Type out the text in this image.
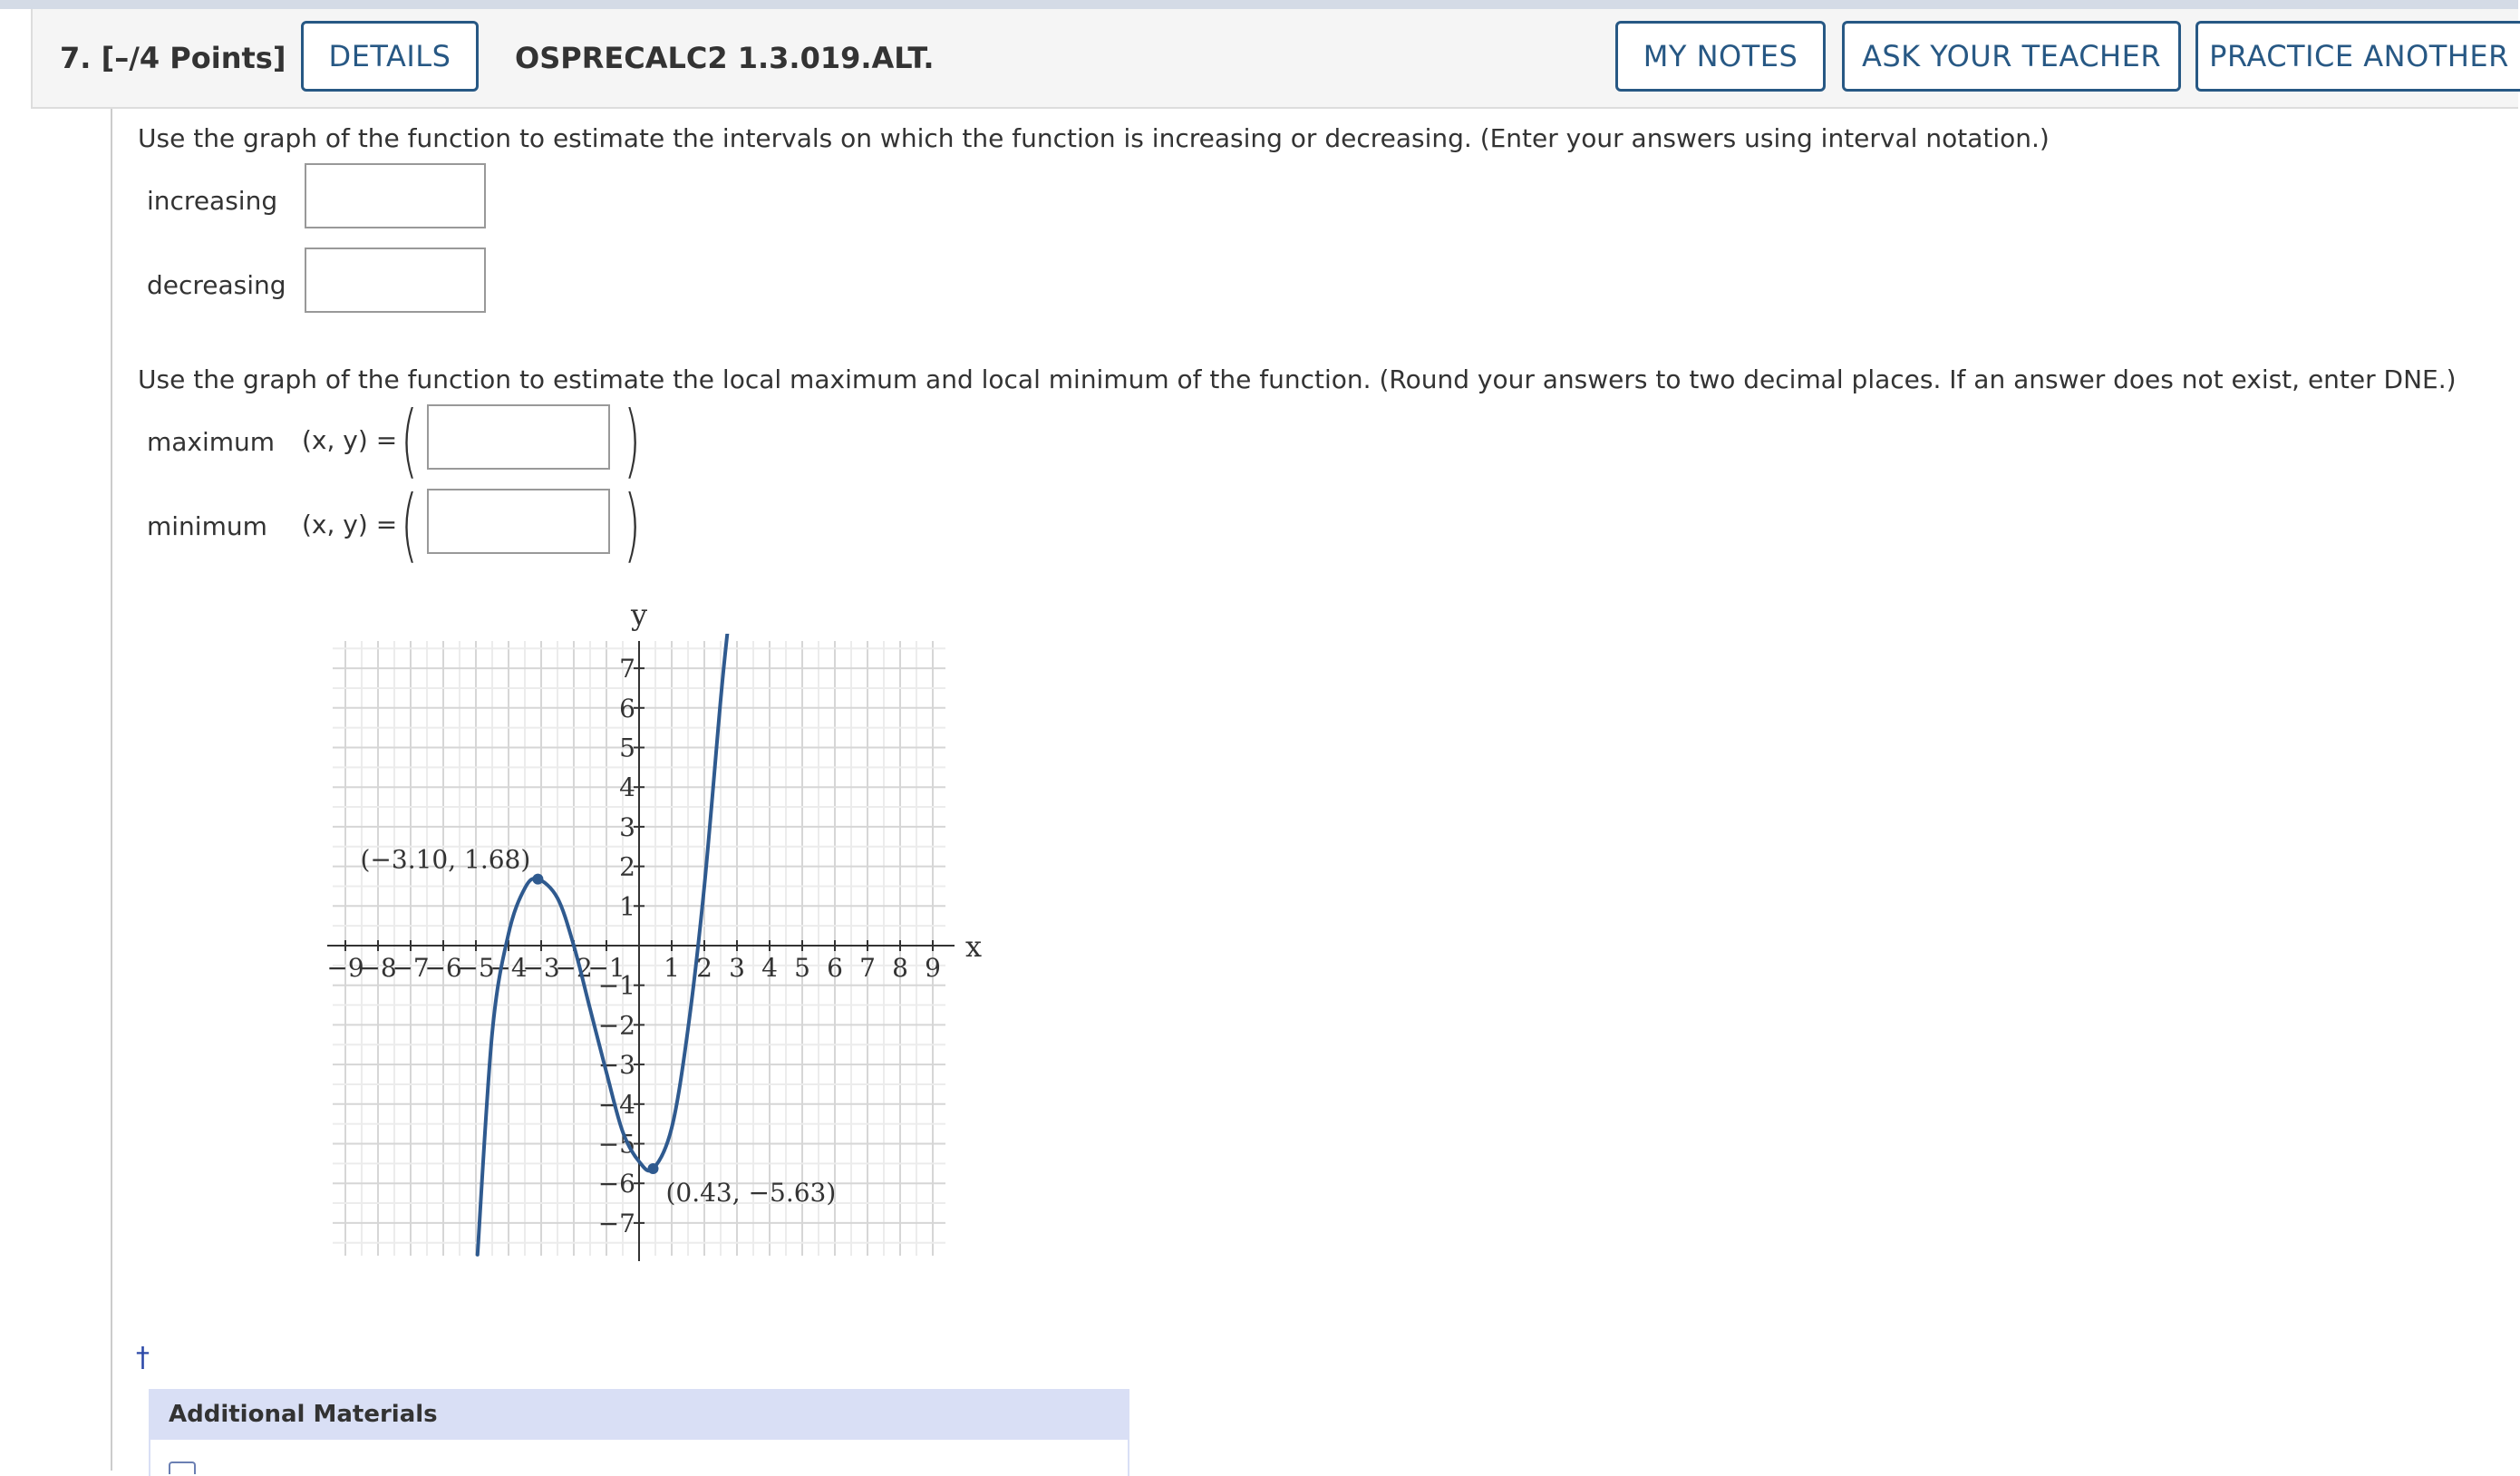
7. [–/4 Points]	DETAILS	OSPRECALC2 1.3.019.ALT.	MY NOTES	ASK YOUR TEACHER	PRACTICE ANOTHER
Use the graph of the function to estimate the intervals on which the function is increasing or decreasing. (Enter your answers using interval notation.)
increasing
decreasing
Use the graph of the function to estimate the local maximum and local minimum of the function. (Round your answers to two decimal places. If an answer does not exist, enter DNE.)
maximum (x, y) = (	)
minimum (x, y) = (	)
−9
−8
−7
−6
−5
−4
−3
−2
−1 1 2 3 4 5 6 7 8 9
−7
−6
−5
−4
−3
−2
−1
1
2
3
4
5
6
7
(−3.10, 1.68)
(0.43, −5.63)
x
y
†
Additional Materials
